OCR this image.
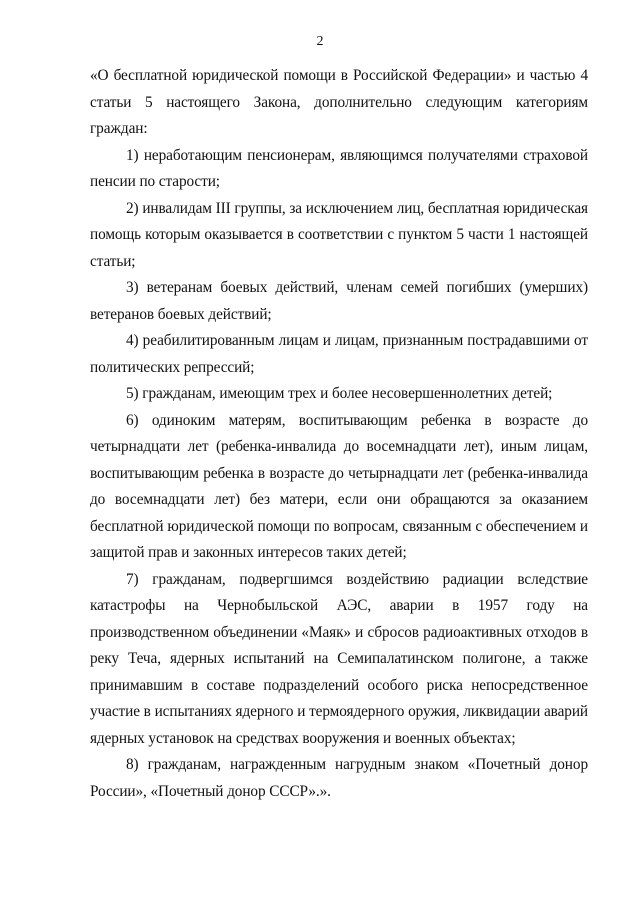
2

«О бесплатной юридической помощи в Российской Федерации» и частью 4 статьи 5 настоящего Закона, дополнительно следующим категориям граждан:

1) неработающим пенсионерам, являющимся получателями страховой пенсии по старости;

2) инвалидам III группы, за исключением лиц, бесплатная юридическая помощь которым оказывается в соответствии с пунктом 5 части 1 настоящей статьи;

3) ветеранам боевых действий, членам семей погибших (умерших) ветеранов боевых действий;

4) реабилитированным лицам и лицам, признанным пострадавшими от политических репрессий;

5) гражданам, имеющим трех и более несовершеннолетних детей;

6) одиноким матерям, воспитывающим ребенка в возрасте до четырнадцати лет (ребенка-инвалида до восемнадцати лет), иным лицам, воспитывающим ребенка в возрасте до четырнадцати лет (ребенка-инвалида до восемнадцати лет) без матери, если они обращаются за оказанием бесплатной юридической помощи по вопросам, связанным с обеспечением и защитой прав и законных интересов таких детей;

7) гражданам, подвергшимся воздействию радиации вследствие катастрофы на Чернобыльской АЭС, аварии в 1957 году на производственном объединении «Маяк» и сбросов радиоактивных отходов в реку Теча, ядерных испытаний на Семипалатинском полигоне, а также принимавшим в составе подразделений особого риска непосредственное участие в испытаниях ядерного и термоядерного оружия, ликвидации аварий ядерных установок на средствах вооружения и военных объектах;

8) гражданам, награжденным нагрудным знаком «Почетный донор России», «Почетный донор СССР».».
